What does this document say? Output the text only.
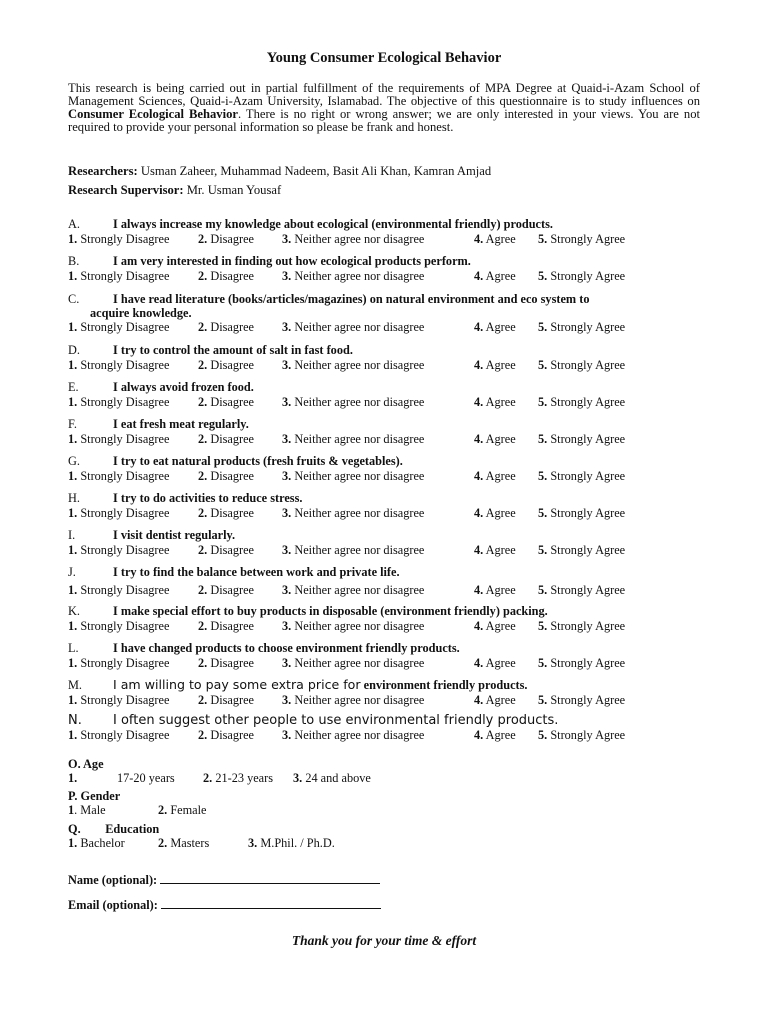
Young Consumer Ecological Behavior
This research is being carried out in partial fulfillment of the requirements of MPA Degree at Quaid-i-Azam School of Management Sciences, Quaid-i-Azam University, Islamabad. The objective of this questionnaire is to study influences on Consumer Ecological Behavior. There is no right or wrong answer; we are only interested in your views. You are not required to provide your personal information so please be frank and honest.
Researchers: Usman Zaheer, Muhammad Nadeem, Basit Ali Khan, Kamran Amjad
Research Supervisor: Mr. Usman Yousaf
A.	I always increase my knowledge about ecological (environmental friendly) products.
1. Strongly Disagree 2. Disagree 3. Neither agree nor disagree	4. Agree 5. Strongly Agree
B.	I am very interested in finding out how ecological products perform.
1. Strongly Disagree 2. Disagree 3. Neither agree nor disagree	4. Agree 5. Strongly Agree
C.	I have read literature (books/articles/magazines) on natural environment and eco system to
acquire knowledge.
1. Strongly Disagree 2. Disagree 3. Neither agree nor disagree	4. Agree 5. Strongly Agree
D.	I try to control the amount of salt in fast food.
1. Strongly Disagree 2. Disagree 3. Neither agree nor disagree	4. Agree 5. Strongly Agree
E.	I always avoid frozen food.
1. Strongly Disagree 2. Disagree 3. Neither agree nor disagree	4. Agree 5. Strongly Agree
F.	I eat fresh meat regularly.
1. Strongly Disagree 2. Disagree 3. Neither agree nor disagree	4. Agree 5. Strongly Agree
G.	I try to eat natural products (fresh fruits & vegetables).
1. Strongly Disagree 2. Disagree 3. Neither agree nor disagree	4. Agree 5. Strongly Agree
H.	I try to do activities to reduce stress.
1. Strongly Disagree 2. Disagree 3. Neither agree nor disagree	4. Agree 5. Strongly Agree
I.	I visit dentist regularly.
1. Strongly Disagree 2. Disagree 3. Neither agree nor disagree	4. Agree 5. Strongly Agree
J.	I try to find the balance between work and private life.
1. Strongly Disagree 2. Disagree 3. Neither agree nor disagree	4. Agree 5. Strongly Agree
K.	I make special effort to buy products in disposable (environment friendly) packing.
1. Strongly Disagree 2. Disagree 3. Neither agree nor disagree	4. Agree 5. Strongly Agree
L.	I have changed products to choose environment friendly products.
1. Strongly Disagree 2. Disagree 3. Neither agree nor disagree	4. Agree 5. Strongly Agree
M. I am willing to pay some extra price for environment friendly products.
1. Strongly Disagree 2. Disagree 3. Neither agree nor disagree	4. Agree 5. Strongly Agree
N. I often suggest other people to use environmental friendly products.
1. Strongly Disagree 2. Disagree 3. Neither agree nor disagree	4. Agree 5. Strongly Agree
O. Age
1.	17-20 years 2. 21-23 years 3. 24 and above
P. Gender
1. Male	2. Female
Q. Education
1. Bachelor	2. Masters	3. M.Phil. / Ph.D.
Name (optional):
Email (optional):
Thank you for your time & effort
